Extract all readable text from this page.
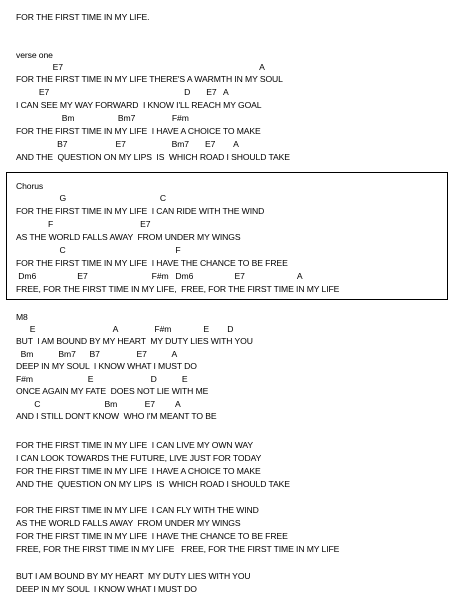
FOR THE FIRST TIME IN MY LIFE.
verse one
E7                                                                                      A
FOR THE FIRST TIME IN MY LIFE THERE'S A WARMTH IN MY SOUL
E7                                                           D       E7   A
I CAN SEE MY WAY FORWARD  I KNOW I'LL REACH MY GOAL
Bm                   Bm7                F#m
FOR THE FIRST TIME IN MY LIFE  I HAVE A CHOICE TO MAKE
B7                     E7                    Bm7       E7        A
AND THE  QUESTION ON MY LIPS  IS  WHICH ROAD I SHOULD TAKE
Chorus
G                                         C
FOR THE FIRST TIME IN MY LIFE  I CAN RIDE WITH THE WIND
F                                      E7
AS THE WORLD FALLS AWAY  FROM UNDER MY WINGS
C                                                F
FOR THE FIRST TIME IN MY LIFE  I HAVE THE CHANCE TO BE FREE
Dm6                  E7                            F#m   Dm6                  E7                       A
FREE, FOR THE FIRST TIME IN MY LIFE,  FREE, FOR THE FIRST TIME IN MY LIFE
M8
E                                  A                F#m              E        D
BUT  I AM BOUND BY MY HEART  MY DUTY LIES WITH YOU
Bm           Bm7      B7                E7           A
DEEP IN MY SOUL  I KNOW WHAT I MUST DO
F#m                        E                         D           E
ONCE AGAIN MY FATE  DOES NOT LIE WITH ME
C                            Bm            E7         A
AND I STILL DON'T KNOW  WHO I'M MEANT TO BE
FOR THE FIRST TIME IN MY LIFE  I CAN LIVE MY OWN WAY
I CAN LOOK TOWARDS THE FUTURE, LIVE JUST FOR TODAY
FOR THE FIRST TIME IN MY LIFE  I HAVE A CHOICE TO MAKE
AND THE  QUESTION ON MY LIPS  IS  WHICH ROAD I SHOULD TAKE
FOR THE FIRST TIME IN MY LIFE  I CAN FLY WITH THE WIND
AS THE WORLD FALLS AWAY  FROM UNDER MY WINGS
FOR THE FIRST TIME IN MY LIFE  I HAVE THE CHANCE TO BE FREE
FREE, FOR THE FIRST TIME IN MY LIFE   FREE, FOR THE FIRST TIME IN MY LIFE
BUT I AM BOUND BY MY HEART  MY DUTY LIES WITH YOU
DEEP IN MY SOUL  I KNOW WHAT I MUST DO
